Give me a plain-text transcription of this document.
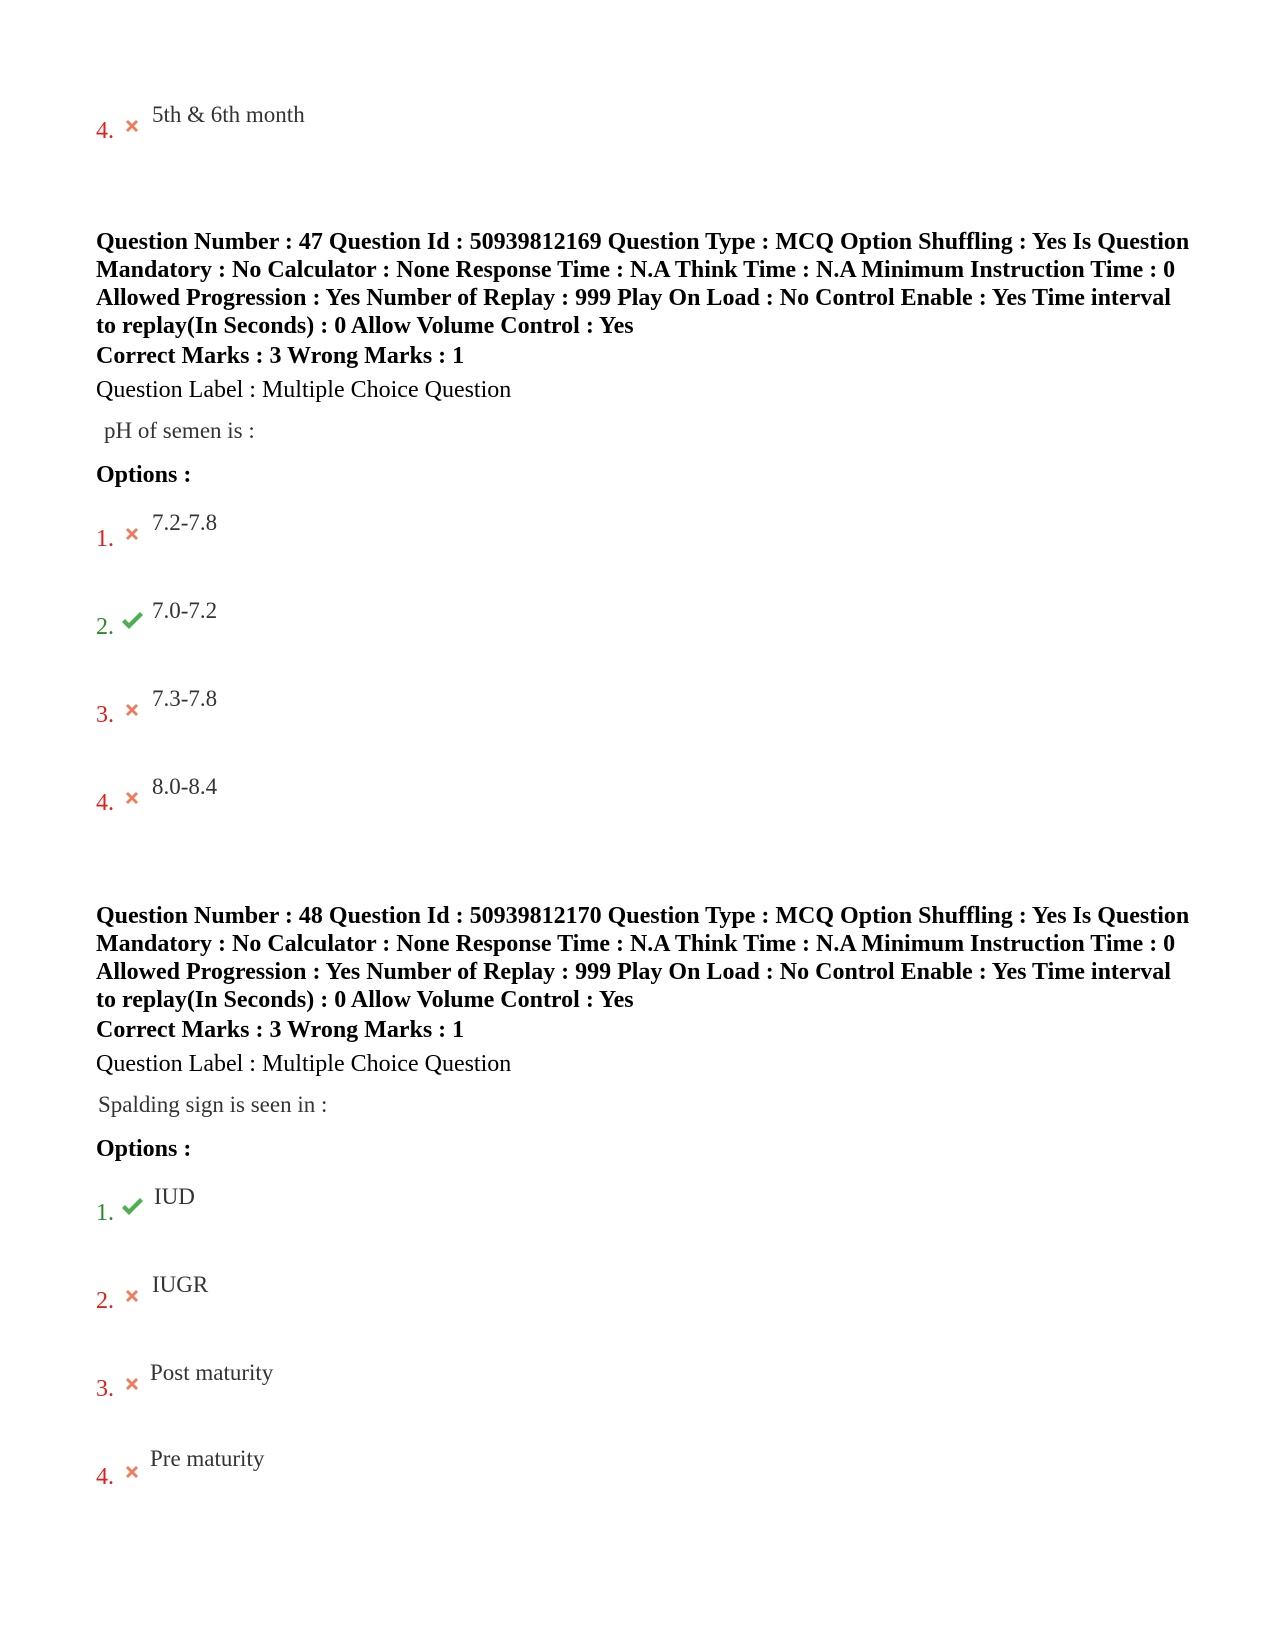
4.
5th & 6th month
Question Number : 47 Question Id : 50939812169 Question Type : MCQ Option Shuffling : Yes Is Question Mandatory : No Calculator : None Response Time : N.A Think Time : N.A Minimum Instruction Time : 0 Allowed Progression : Yes Number of Replay : 999 Play On Load : No Control Enable : Yes Time interval to replay(In Seconds) : 0 Allow Volume Control : Yes
Correct Marks : 3 Wrong Marks : 1
Question Label : Multiple Choice Question
pH of semen is :
Options :
1.
7.2-7.8
2.
7.0-7.2
3.
7.3-7.8
4.
8.0-8.4
Question Number : 48 Question Id : 50939812170 Question Type : MCQ Option Shuffling : Yes Is Question Mandatory : No Calculator : None Response Time : N.A Think Time : N.A Minimum Instruction Time : 0 Allowed Progression : Yes Number of Replay : 999 Play On Load : No Control Enable : Yes Time interval to replay(In Seconds) : 0 Allow Volume Control : Yes
Correct Marks : 3 Wrong Marks : 1
Question Label : Multiple Choice Question
Spalding sign is seen in :
Options :
1.
IUD
2.
IUGR
3.
Post maturity
4.
Pre maturity
